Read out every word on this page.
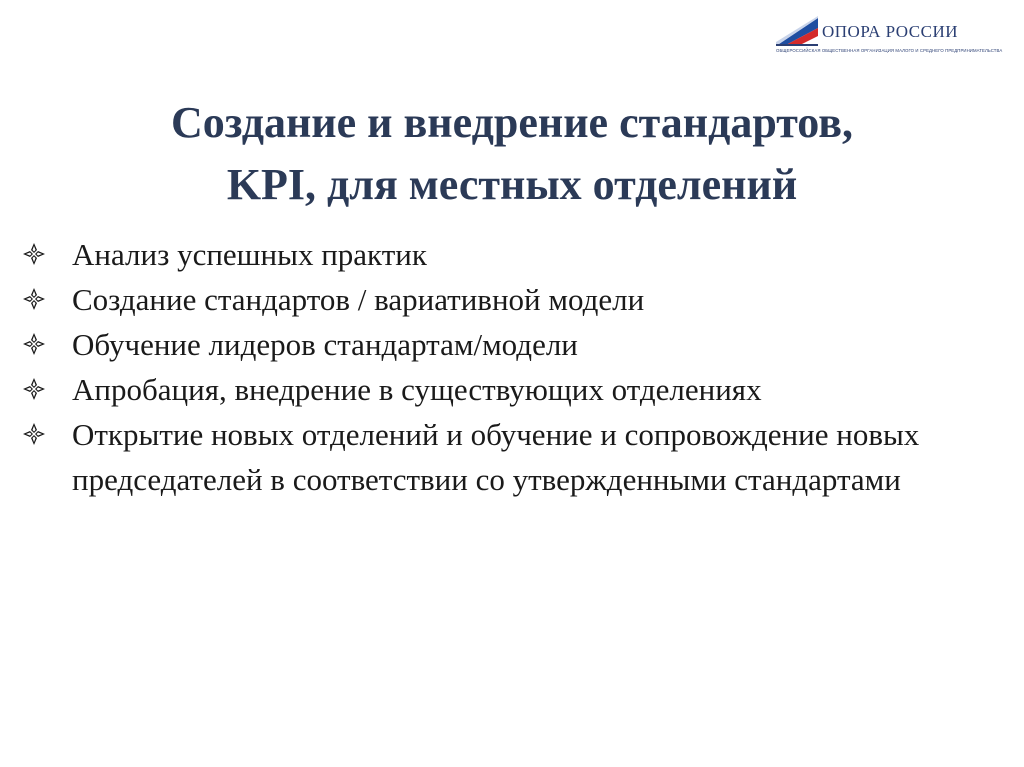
ОПОРА РОССИИ
ОБЩЕРОССИЙСКАЯ ОБЩЕСТВЕННАЯ ОРГАНИЗАЦИЯ МАЛОГО И СРЕДНЕГО ПРЕДПРИНИМАТЕЛЬСТВА
Создание и внедрение стандартов,
KPI, для местных отделений
Анализ успешных практик
Создание стандартов / вариативной модели
Обучение лидеров стандартам/модели
Апробация, внедрение в существующих отделениях
Открытие новых отделений и обучение и сопровождение новых председателей в соответствии со утвержденными стандартами
